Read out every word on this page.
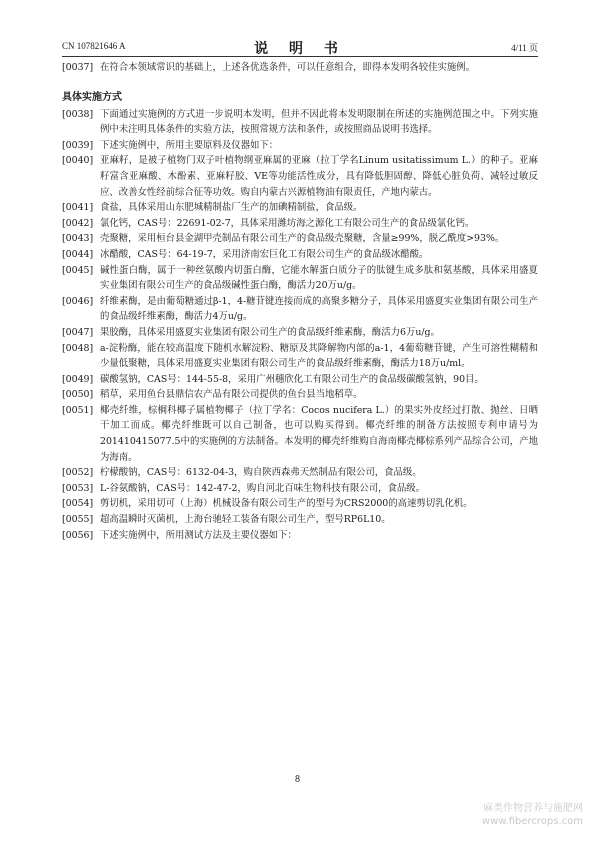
CN 107821646 A	说 明 书	4/11 页
[0037] 在符合本领域常识的基础上，上述各优选条件，可以任意组合，即得本发明各较佳实施例。
具体实施方式
[0038] 下面通过实施例的方式进一步说明本发明，但并不因此将本发明限制在所述的实施例范围之中。下列实施例中未注明具体条件的实验方法，按照常规方法和条件，或按照商品说明书选择。
[0039] 下述实施例中，所用主要原料及仪器如下：
[0040] 亚麻籽，是被子植物门双子叶植物纲亚麻属的亚麻（拉丁学名Linum usitatissimum L.）的种子。亚麻籽富含亚麻酸、木酚素、亚麻籽胶、VE等功能活性成分，具有降低胆固醇、降低心脏负荷、减轻过敏反应、改善女性经前综合征等功效。购自内蒙古兴源植物油有限责任，产地内蒙古。
[0041] 食盐，具体采用山东肥城精制盐厂生产的加碘精制盐，食品级。
[0042] 氯化钙，CAS号：22691-02-7，具体采用潍坊海之源化工有限公司生产的食品级氯化钙。
[0043] 壳聚糖，采用桓台县金湖甲壳制品有限公司生产的食品级壳聚糖，含量≥99%，脱乙酰度>93%。
[0044] 冰醋酸，CAS号：64-19-7，采用济南宏巨化工有限公司生产的食品级冰醋酸。
[0045] 碱性蛋白酶，属于一种丝氨酸内切蛋白酶，它能水解蛋白质分子的肽键生成多肽和氨基酸，具体采用盛夏实业集团有限公司生产的食品级碱性蛋白酶，酶活力20万u/g。
[0046] 纤维素酶，是由葡萄糖通过β-1，4-糖苷键连接而成的高聚多糖分子，具体采用盛夏实业集团有限公司生产的食品级纤维素酶，酶活力4万u/g。
[0047] 果胶酶，具体采用盛夏实业集团有限公司生产的食品级纤维素酶，酶活力6万u/g。
[0048] a-淀粉酶，能在较高温度下随机水解淀粉、糖原及其降解物内部的a-1，4葡萄糖苷键，产生可溶性糊精和少量低聚糖，具体采用盛夏实业集团有限公司生产的食品级纤维素酶，酶活力18万u/ml。
[0049] 碳酸氢钠，CAS号：144-55-8，采用广州穗欣化工有限公司生产的食品级碳酸氢钠，90目。
[0050] 稻草，采用鱼台县鼎信农产品有限公司提供的鱼台县当地稻草。
[0051] 椰壳纤维，棕榈科椰子属植物椰子（拉丁学名：Cocos nucifera L.）的果实外皮经过打散、抛丝、日晒干加工而成。椰壳纤维既可以自己制备，也可以购买得到。椰壳纤维的制备方法按照专利申请号为201410415077.5中的实施例的方法制备。本发明的椰壳纤维购自海南椰壳椰棕系列产品综合公司，产地为海南。
[0052] 柠檬酸钠，CAS号：6132-04-3，购自陕西森弗天然制品有限公司，食品级。
[0053] L-谷氨酸钠，CAS号：142-47-2，购自河北百味生物科技有限公司，食品级。
[0054] 剪切机，采用切可（上海）机械设备有限公司生产的型号为CRS2000的高速剪切乳化机。
[0055] 超高温瞬时灭菌机，上海台驰轻工装备有限公司生产，型号RP6L10。
[0056] 下述实施例中，所用测试方法及主要仪器如下：
8
麻类作物营养与施肥网
www.fibercrops.com
